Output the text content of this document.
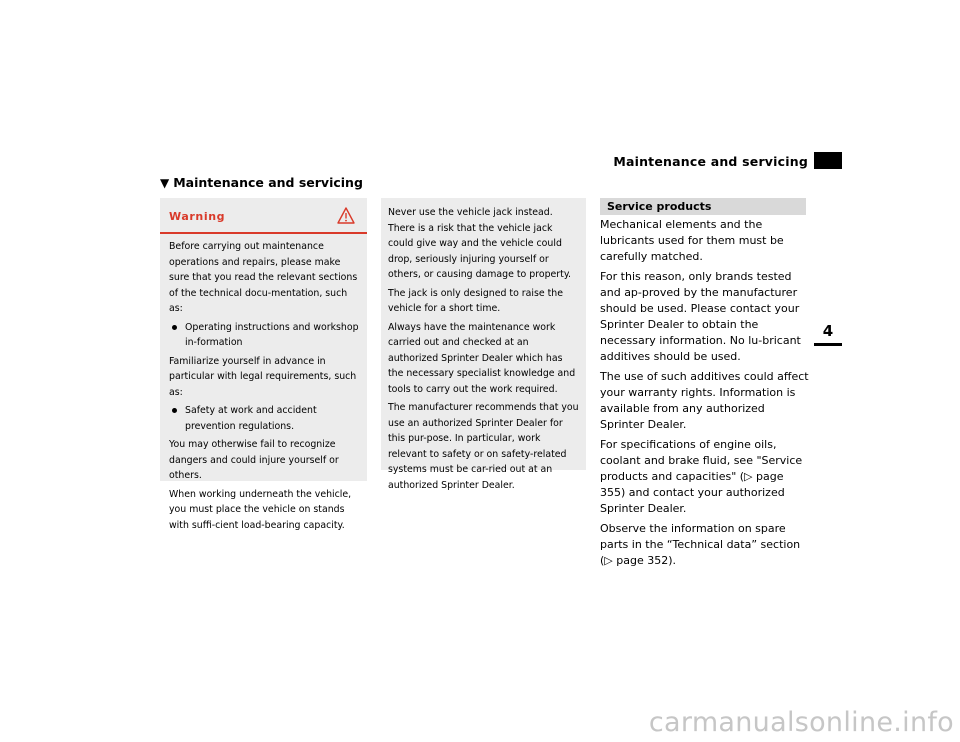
Maintenance and servicing
4
▼ Maintenance and servicing
Warning

Before carrying out maintenance operations and repairs, please make sure that you read the relevant sections of the technical docu-mentation, such as:

Operating instructions and workshop in-formation

Familiarize yourself in advance in particular with legal requirements, such as:

Safety at work and accident prevention regulations.

You may otherwise fail to recognize dangers and could injure yourself or others.

When working underneath the vehicle, you must place the vehicle on stands with suffi-cient load-bearing capacity.

Never use the vehicle jack instead. There is a risk that the vehicle jack could give way and the vehicle could drop, seriously injuring yourself or others, or causing damage to property.

The jack is only designed to raise the vehicle for a short time.

Always have the maintenance work carried out and checked at an authorized Sprinter Dealer which has the necessary specialist knowledge and tools to carry out the work required.

The manufacturer recommends that you use an authorized Sprinter Dealer for this pur-pose. In particular, work relevant to safety or on safety-related systems must be car-ried out at an authorized Sprinter Dealer.

Service products

Mechanical elements and the lubricants used for them must be carefully matched.

For this reason, only brands tested and ap-proved by the manufacturer should be used. Please contact your Sprinter Dealer to obtain the necessary information. No lu-bricant additives should be used.

The use of such additives could affect your warranty rights. Information is available from any authorized Sprinter Dealer.

For specifications of engine oils, coolant and brake fluid, see "Service products and capacities" (▷ page 355) and contact your authorized Sprinter Dealer.

Observe the information on spare parts in the “Technical data” section (▷ page 352).

carmanualsonline.info
